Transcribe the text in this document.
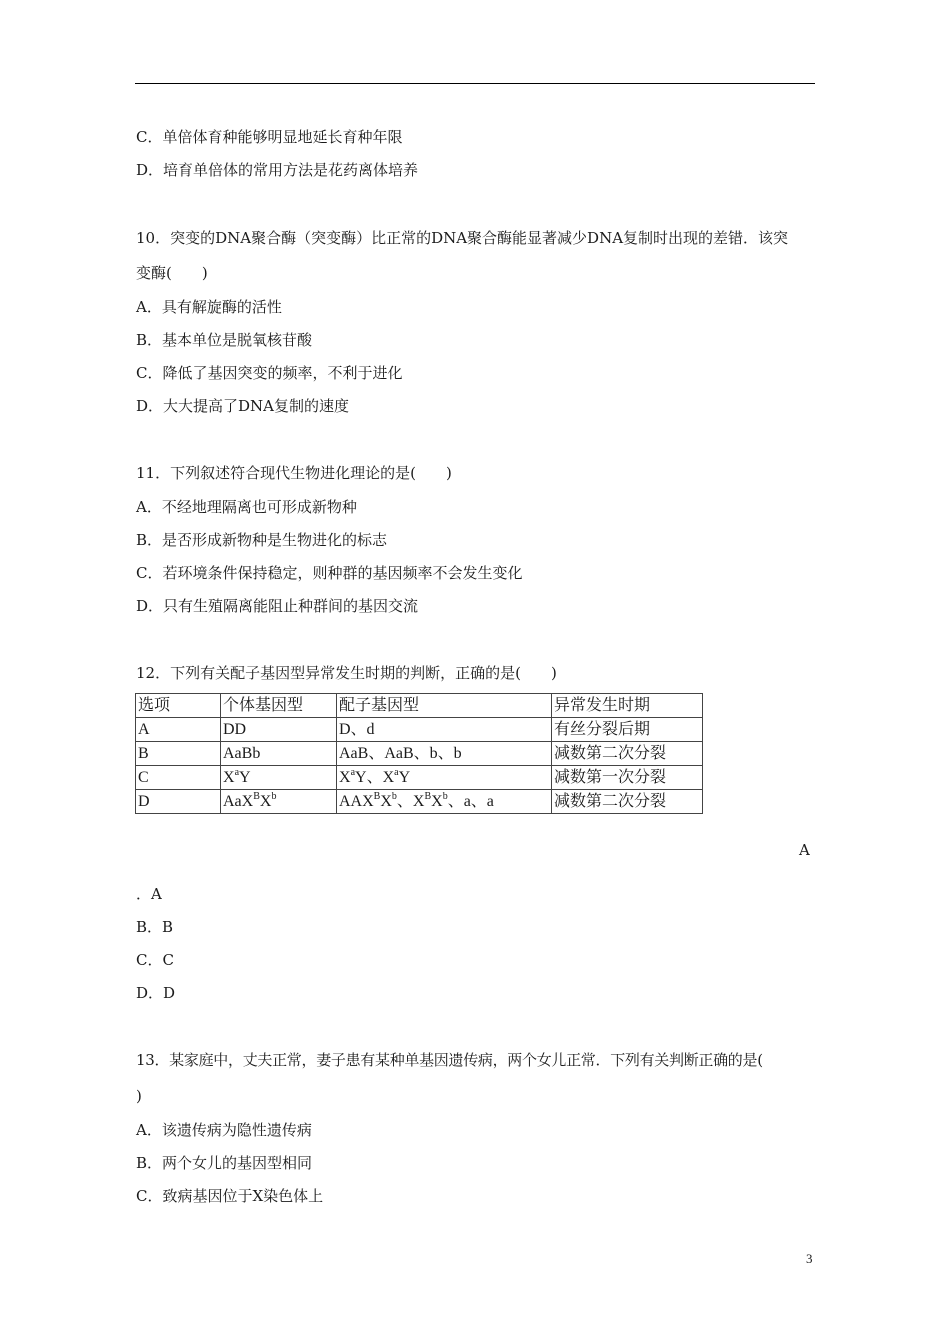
C．单倍体育种能够明显地延长育种年限
D．培育单倍体的常用方法是花药离体培养
10．突变的DNA聚合酶（突变酶）比正常的DNA聚合酶能显著减少DNA复制时出现的差错．该突
变酶(　　)
A．具有解旋酶的活性
B．基本单位是脱氧核苷酸
C．降低了基因突变的频率，不利于进化
D．大大提高了DNA复制的速度
11．下列叙述符合现代生物进化理论的是(　　)
A．不经地理隔离也可形成新物种
B．是否形成新物种是生物进化的标志
C．若环境条件保持稳定，则种群的基因频率不会发生变化
D．只有生殖隔离能阻止种群间的基因交流
12．下列有关配子基因型异常发生时期的判断，正确的是(　　)
选项	个体基因型	配子基因型	异常发生时期
A	DD	D、d	有丝分裂后期
B	AaBb	AaB、AaB、b、b	减数第二次分裂
C	$X^aY$	$X^aY$、$X^aY$	减数第一次分裂
D	$AaX^BX^b$	$AAX^BX^b$、$X^BX^b$、a、a	减数第二次分裂
A
．A
B．B
C．C
D．D
13．某家庭中，丈夫正常，妻子患有某种单基因遗传病，两个女儿正常．下列有关判断正确的是(
)
A．该遗传病为隐性遗传病
B．两个女儿的基因型相同
C．致病基因位于X染色体上
3
